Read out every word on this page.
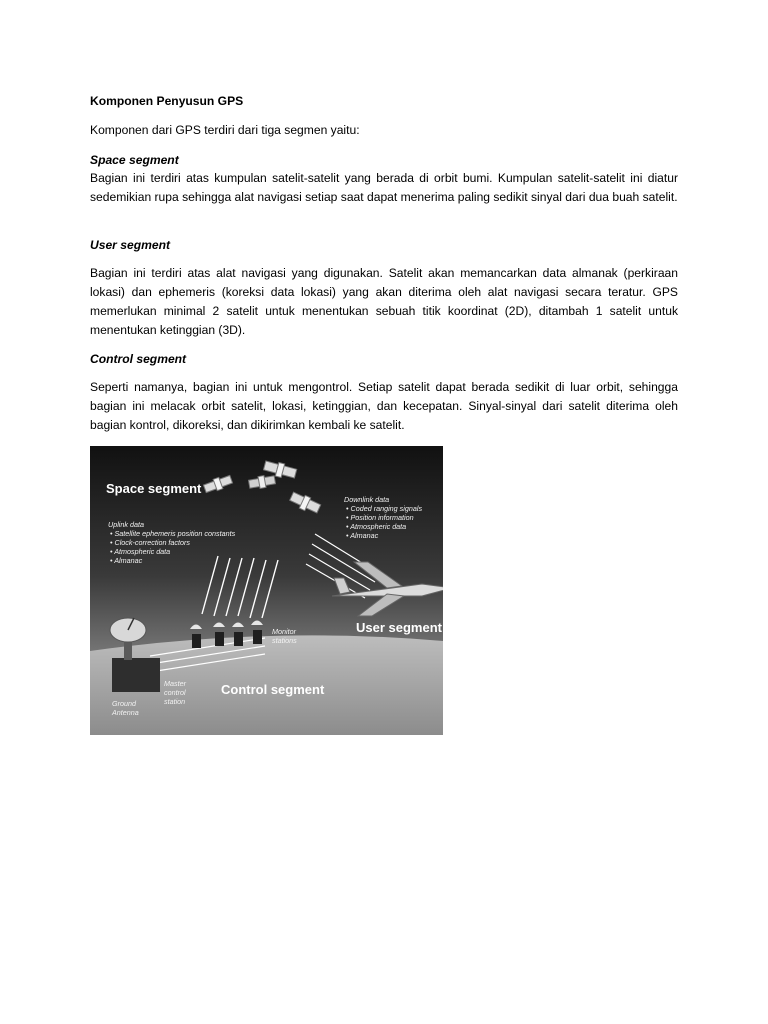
Komponen Penyusun GPS
Komponen dari GPS terdiri dari tiga segmen yaitu:
Space segment
Bagian ini terdiri atas kumpulan satelit-satelit yang berada di orbit bumi. Kumpulan satelit-satelit ini diatur sedemikian rupa sehingga alat navigasi setiap saat dapat menerima paling sedikit sinyal dari dua buah satelit.
User segment
Bagian ini terdiri atas alat navigasi yang digunakan. Satelit akan memancarkan data almanak (perkiraan lokasi) dan ephemeris (koreksi data lokasi) yang akan diterima oleh alat navigasi secara teratur. GPS memerlukan minimal 2 satelit untuk menentukan sebuah titik koordinat (2D), ditambah 1 satelit untuk menentukan ketinggian (3D).
Control segment
Seperti namanya, bagian ini untuk mengontrol. Setiap satelit dapat berada sedikit di luar orbit, sehingga bagian ini melacak orbit satelit, lokasi, ketinggian, dan kecepatan. Sinyal-sinyal dari satelit diterima oleh bagian kontrol, dikoreksi, dan dikirimkan kembali ke satelit.
Space segment
User segment
Control segment
Uplink data
• Satellite ephemeris position constants
• Clock-correction factors
• Atmospheric data
• Almanac
Downlink data
• Coded ranging signals
• Position information
• Atmospheric data
• Almanac
Monitor
stations
Master
control
station
Ground
Antenna
